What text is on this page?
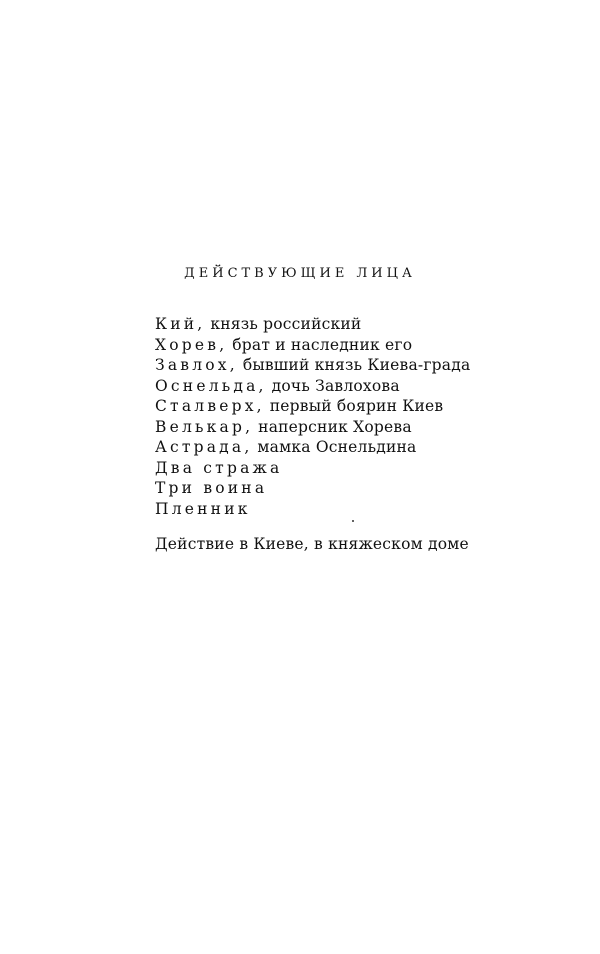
ДЕЙСТВУЮЩИЕ ЛИЦА
Кий, князь российский
Хорев, брат и наследник его
Завлох, бывший князь Киева-града
Оснельда, дочь Завлохова
Сталверх, первый боярин Киев
Велькар, наперсник Хорева
Астрада, мамка Оснельдина
Два стража
Три воина
Пленник

Действие в Киеве, в княжеском доме
